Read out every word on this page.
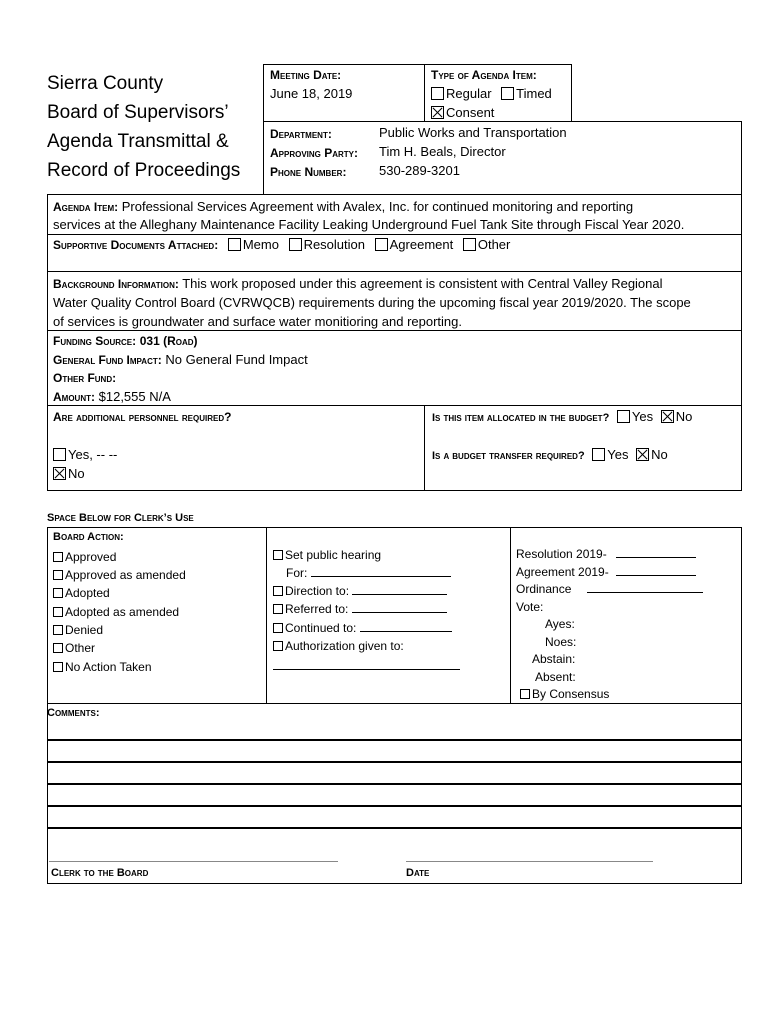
Sierra County
Board of Supervisors’
Agenda Transmittal &
Record of Proceedings
Meeting Date:
June 18, 2019
Type of Agenda Item:
Regular Timed
Consent
Department:	Public Works and Transportation
Approving Party: Tim H. Beals, Director
Phone Number:	530-289-3201
Agenda Item: Professional Services Agreement with Avalex, Inc. for continued monitoring and reporting
services at the Alleghany Maintenance Facility Leaking Underground Fuel Tank Site through Fiscal Year 2020.
Supportive Documents Attached: Memo Resolution Agreement Other
Background Information: This work proposed under this agreement is consistent with Central Valley Regional
Water Quality Control Board (CVRWQCB) requirements during the upcoming fiscal year 2019/2020. The scope
of services is groundwater and surface water monitioring and reporting.
Funding Source: 031 (Road)
General Fund Impact: No General Fund Impact
Other Fund:
Amount: $12,555 N/A
Are additional personnel required?
Yes, -- --
No
Is this item allocated in the budget? Yes No
Is a budget transfer required? Yes No
Space Below for Clerk’s Use
Board Action:
Approved
Approved as amended
Adopted
Adopted as amended
Denied
Other
No Action Taken
Set public hearing
For:
Direction to:
Referred to:
Continued to:
Authorization given to:
Resolution 2019-
Agreement 2019-
Ordinance
Vote:
Ayes:
Noes:
Abstain:
Absent:
By Consensus
Comments:
Clerk to the Board	Date
